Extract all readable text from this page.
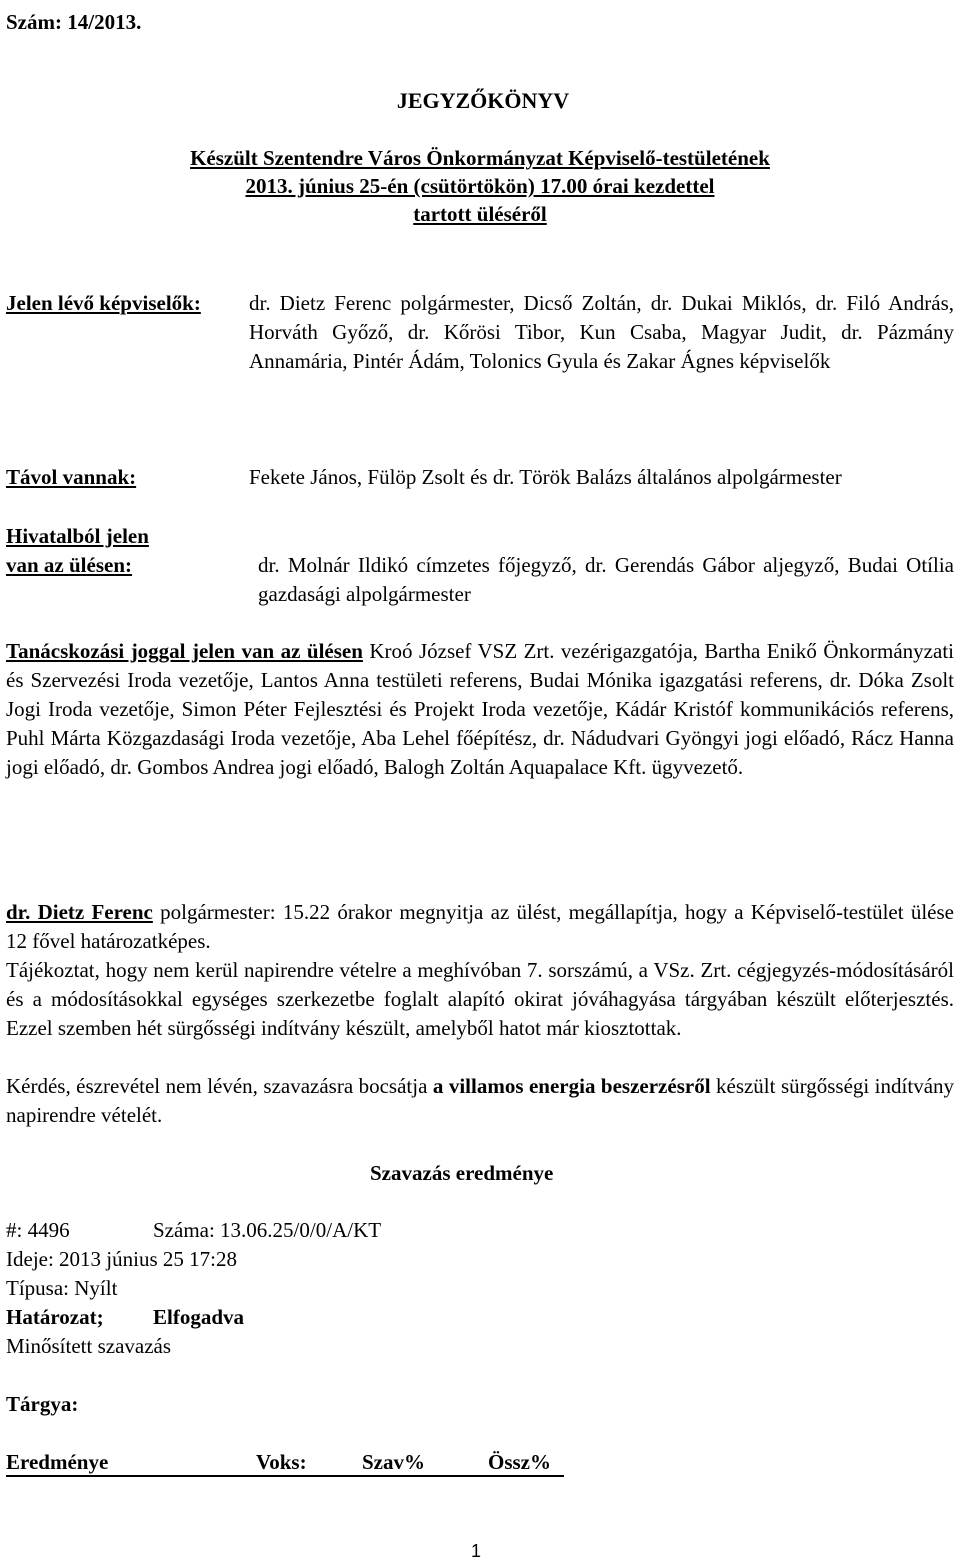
Szám: 14/2013.
JEGYZŐKÖNYV
Készült Szentendre Város Önkormányzat Képviselő-testületének
2013. június 25-én (csütörtökön) 17.00 órai kezdettel
tartott üléséről
Jelen lévő képviselők: dr. Dietz Ferenc polgármester, Dicső Zoltán, dr. Dukai Miklós, dr. Filó András, Horváth Győző, dr. Kőrösi Tibor, Kun Csaba, Magyar Judit, dr. Pázmány Annamária, Pintér Ádám, Tolonics Gyula és Zakar Ágnes képviselők
Távol vannak:	Fekete János, Fülöp Zsolt és dr. Török Balázs általános alpolgármester
Hivatalból jelen
van az ülésen:	dr. Molnár Ildikó címzetes főjegyző, dr. Gerendás Gábor aljegyző, Budai Otília gazdasági alpolgármester
Tanácskozási joggal jelen van az ülésen Kroó József VSZ Zrt. vezérigazgatója, Bartha Enikő Önkormányzati és Szervezési Iroda vezetője, Lantos Anna testületi referens, Budai Mónika igazgatási referens, dr. Dóka Zsolt Jogi Iroda vezetője, Simon Péter Fejlesztési és Projekt Iroda vezetője, Kádár Kristóf kommunikációs referens, Puhl Márta Közgazdasági Iroda vezetője, Aba Lehel főépítész, dr. Nádudvari Gyöngyi jogi előadó, Rácz Hanna jogi előadó, dr. Gombos Andrea jogi előadó, Balogh Zoltán Aquapalace Kft. ügyvezető.
dr. Dietz Ferenc polgármester: 15.22 órakor megnyitja az ülést, megállapítja, hogy a Képviselő-testület ülése 12 fővel határozatképes.
Tájékoztat, hogy nem kerül napirendre vételre a meghívóban 7. sorszámú, a VSz. Zrt. cégjegyzés-módosításáról és a módosításokkal egységes szerkezetbe foglalt alapító okirat jóváhagyása tárgyában készült előterjesztés. Ezzel szemben hét sürgősségi indítvány készült, amelyből hatot már kiosztottak.
Kérdés, észrevétel nem lévén, szavazásra bocsátja a villamos energia beszerzésről készült sürgősségi indítvány napirendre vételét.
Szavazás eredménye
#: 4496	Száma: 13.06.25/0/0/A/KT
Ideje: 2013 június 25 17:28
Típusa: Nyílt
Határozat; Elfogadva
Minősített szavazás
Tárgya:
Eredménye	Voks:	Szav%	Össz%
1
